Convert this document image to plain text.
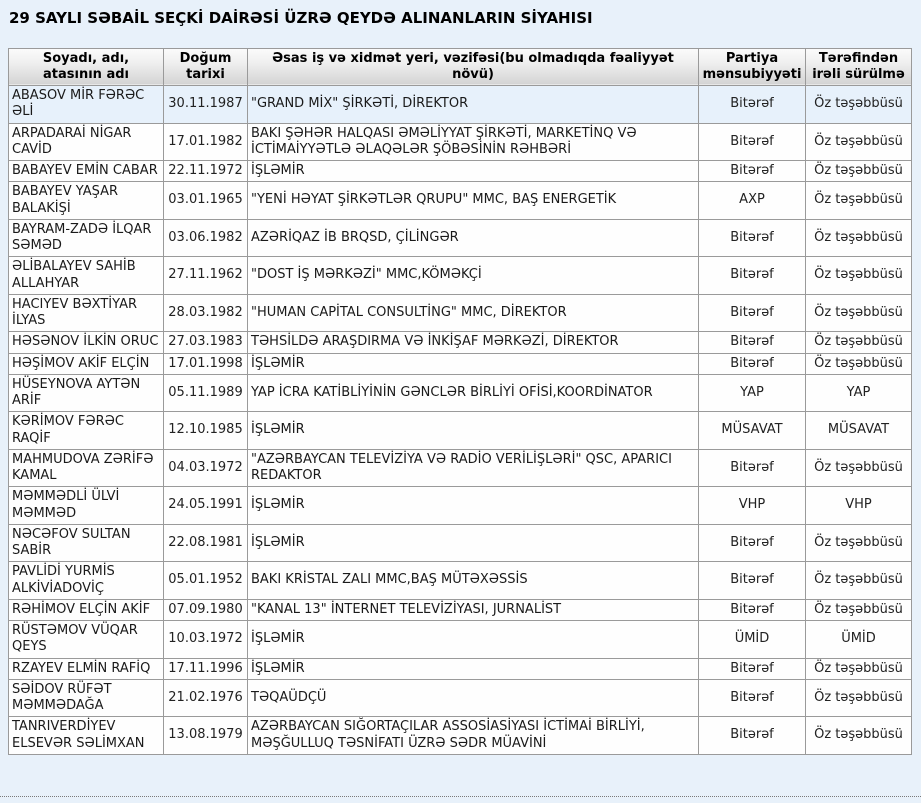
29 SAYLI SƏBAİL SEÇKİ DAİRƏSİ ÜZRƏ QEYDƏ ALINANLARIN SİYAHISI
Soyadı, adı, atasının adı	Doğum tarixi	Əsas iş və xidmət yeri, vəzifəsi(bu olmadıqda fəaliyyət növü)	Partiya mənsubiyyəti	Tərəfindən irəli sürülmə
ABASOV MİR FƏRƏC ƏLİ	30.11.1987	"GRAND MİX" ŞİRKƏTİ, DİREKTOR	Bitərəf	Öz təşəbbüsü
ARPADARAİ NİGAR CAVİD	17.01.1982	BAKI ŞƏHƏR HALQASI ƏMƏLİYYAT ŞİRKƏTİ, MARKETİNQ VƏ İCTİMAİYYƏTLƏ ƏLAQƏLƏR ŞÖBƏSİNİN RƏHBƏRİ	Bitərəf	Öz təşəbbüsü
BABAYEV EMİN CABAR	22.11.1972	İŞLƏMİR	Bitərəf	Öz təşəbbüsü
BABAYEV YAŞAR BALAKİŞİ	03.01.1965	"YENİ HƏYAT ŞİRKƏTLƏR QRUPU" MMC, BAŞ ENERGETİK	AXP	Öz təşəbbüsü
BAYRAM-ZADƏ İLQAR SƏMƏD	03.06.1982	AZƏRİQAZ İB BRQSD, ÇİLİNGƏR	Bitərəf	Öz təşəbbüsü
ƏLİBALAYEV SAHİB ALLAHYAR	27.11.1962	"DOST İŞ MƏRKƏZİ" MMC,KÖMƏKÇİ	Bitərəf	Öz təşəbbüsü
HACIYEV BƏXTİYAR İLYAS	28.03.1982	"HUMAN CAPİTAL CONSULTİNG" MMC, DİREKTOR	Bitərəf	Öz təşəbbüsü
HƏSƏNOV İLKİN ORUC	27.03.1983	TƏHSİLDƏ ARAŞDIRMA VƏ İNKİŞAF MƏRKƏZİ, DİREKTOR	Bitərəf	Öz təşəbbüsü
HƏŞİMOV AKİF ELÇİN	17.01.1998	İŞLƏMİR	Bitərəf	Öz təşəbbüsü
HÜSEYNOVA AYTƏN ARİF	05.11.1989	YAP İCRA KATİBLİYİNİN GƏNCLƏR BİRLİYİ OFİSİ,KOORDİNATOR	YAP	YAP
KƏRİMOV FƏRƏC RAQİF	12.10.1985	İŞLƏMİR	MÜSAVAT	MÜSAVAT
MAHMUDOVA ZƏRİFƏ KAMAL	04.03.1972	"AZƏRBAYCAN TELEVİZİYA VƏ RADİO VERİLİŞLƏRİ" QSC, APARICI REDAKTOR	Bitərəf	Öz təşəbbüsü
MƏMMƏDLİ ÜLVİ MƏMMƏD	24.05.1991	İŞLƏMİR	VHP	VHP
NƏCƏFOV SULTAN SABİR	22.08.1981	İŞLƏMİR	Bitərəf	Öz təşəbbüsü
PAVLİDİ YURMİS ALKİVİADOVİÇ	05.01.1952	BAKI KRİSTAL ZALI MMC,BAŞ MÜTƏXƏSSİS	Bitərəf	Öz təşəbbüsü
RƏHİMOV ELÇİN AKİF	07.09.1980	"KANAL 13" İNTERNET TELEVİZİYASI, JURNALİST	Bitərəf	Öz təşəbbüsü
RÜSTƏMOV VÜQAR QEYS	10.03.1972	İŞLƏMİR	ÜMİD	ÜMİD
RZAYEV ELMİN RAFİQ	17.11.1996	İŞLƏMİR	Bitərəf	Öz təşəbbüsü
SƏİDOV RÜFƏT MƏMMƏDAĞA	21.02.1976	TƏQAÜDÇÜ	Bitərəf	Öz təşəbbüsü
TANRIVERDİYEV ELSEVƏR SƏLİMXAN	13.08.1979	AZƏRBAYCAN SIĞORTAÇILAR ASSOSİASİYASI İCTİMAİ BİRLİYİ, MƏŞĞULLUQ TƏSNİFATI ÜZRƏ SƏDR MÜAVİNİ	Bitərəf	Öz təşəbbüsü
